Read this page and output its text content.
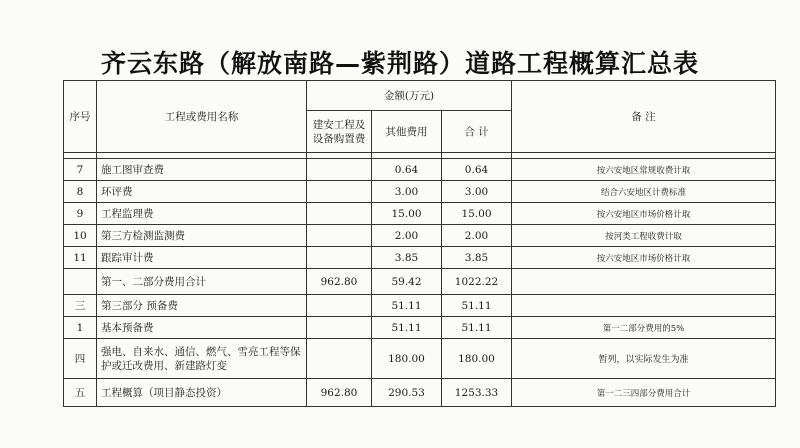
齐云东路（解放南路—紫荆路）道路工程概算汇总表
序号	工程或费用名称	金额(万元)			备 注
		建安工程及设备购置费	其他费用	合 计	

7	施工图审查费		0.64	0.64	按六安地区常规收费计取
8	环评费		3.00	3.00	结合六安地区计费标准
9	工程监理费		15.00	15.00	按六安地区市场价格计取
10	第三方检测监测费		2.00	2.00	按河类工程收费计取
11	跟踪审计费		3.85	3.85	按六安地区市场价格计取
	第一、二部分费用合计	962.80	59.42	1022.22	
三	第三部分 预备费		51.11	51.11	
1	基本预备费		51.11	51.11	第一二部分费用的5%
四	强电、自来水、通信、燃气、雪亮工程等保护或迁改费用、新建路灯变		180.00	180.00	暂列，以实际发生为准
五	工程概算（项目静态投资）	962.80	290.53	1253.33	第一二三四部分费用合计
